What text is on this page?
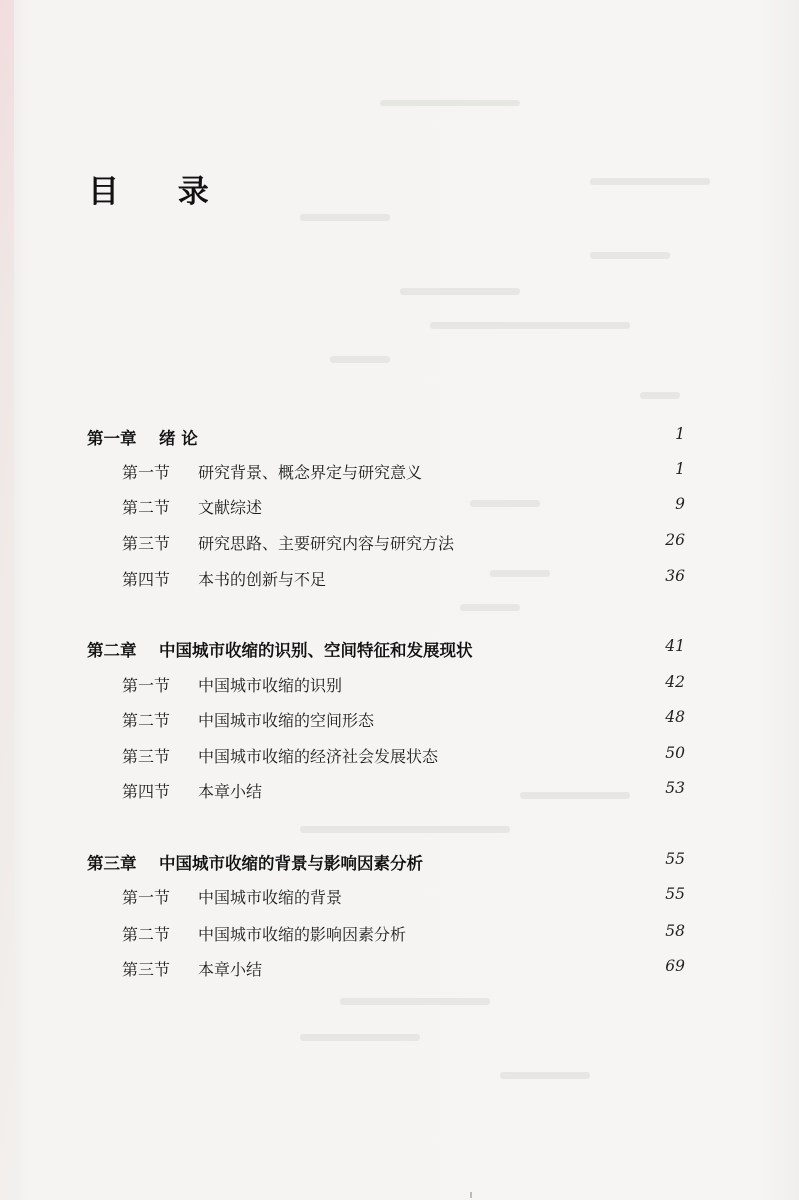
目 录
第一章 绪 论	1
第一节 研究背景、概念界定与研究意义	1
第二节 文献综述	9
第三节 研究思路、主要研究内容与研究方法	26
第四节 本书的创新与不足	36
第二章 中国城市收缩的识别、空间特征和发展现状	41
第一节 中国城市收缩的识别	42
第二节 中国城市收缩的空间形态	48
第三节 中国城市收缩的经济社会发展状态	50
第四节 本章小结	53
第三章 中国城市收缩的背景与影响因素分析	55
第一节 中国城市收缩的背景	55
第二节 中国城市收缩的影响因素分析	58
第三节 本章小结	69
